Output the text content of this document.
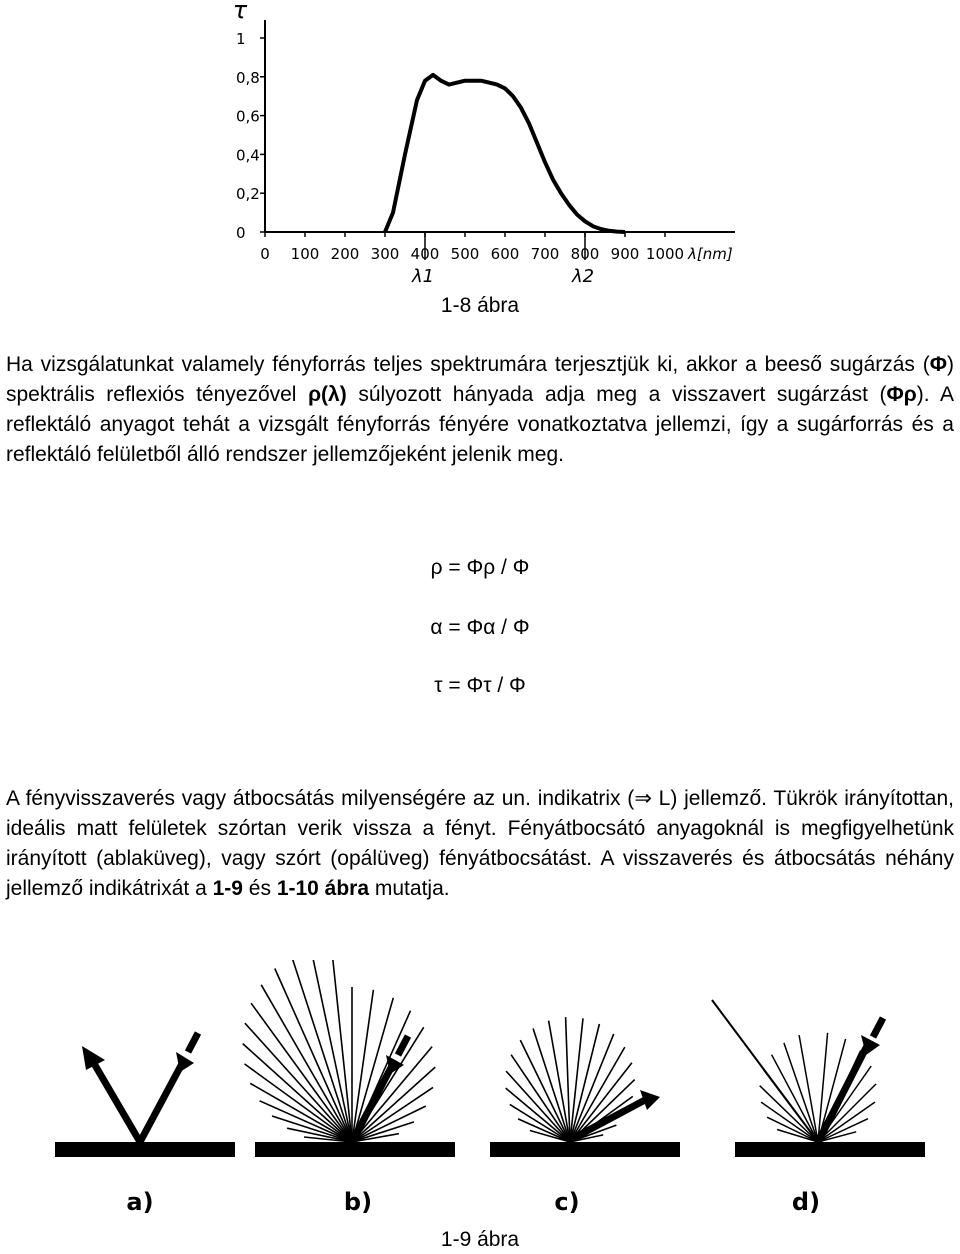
τ
0 100 200 300 400 500 600 700 800 900 1000 λ[nm]
0
0,2
0,4
0,6
0,8
1
λ1	λ2
1-8 ábra
Ha vizsgálatunkat valamely fényforrás teljes spektrumára terjesztjük ki, akkor a beeső sugárzás (Φ) spektrális reflexiós tényezővel ρ(λ) súlyozott hányada adja meg a visszavert sugárzást (Φρ). A reflektáló anyagot tehát a vizsgált fényforrás fényére vonatkoztatva jellemzi, így a sugárforrás és a reflektáló felületből álló rendszer jellemzőjeként jelenik meg.
ρ = Φρ / Φ
α = Φα / Φ
τ = Φτ / Φ
A fényvisszaverés vagy átbocsátás milyenségére az un. indikatrix (⇒ L) jellemző. Tükrök irányítottan, ideális matt felületek szórtan verik vissza a fényt. Fényátbocsátó anyagoknál is megfigyelhetünk irányított (ablaküveg), vagy szórt (opálüveg) fényátbocsátást. A visszaverés és átbocsátás néhány jellemző indikátrixát a 1-9 és 1-10 ábra mutatja.
a)	b)	c)	d)
1-9 ábra
